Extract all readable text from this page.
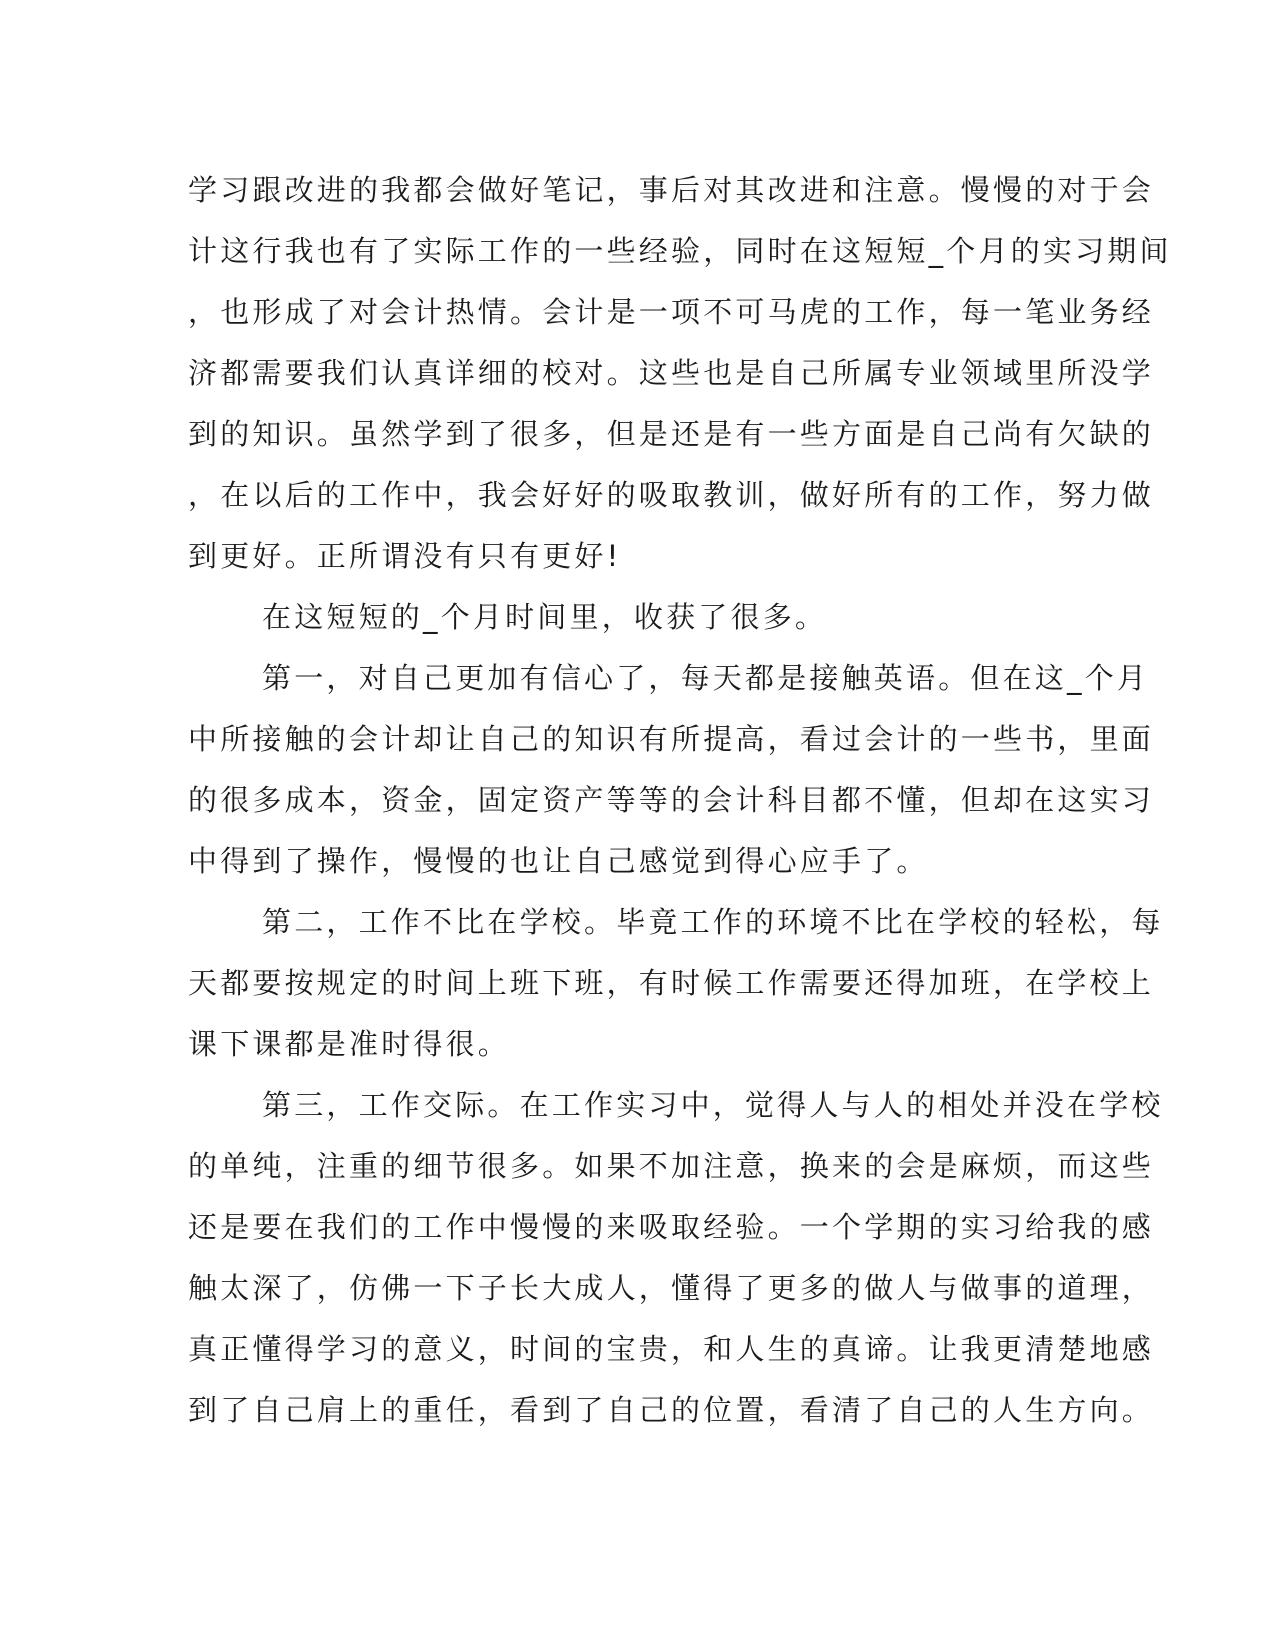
学习跟改进的我都会做好笔记，事后对其改进和注意。慢慢的对于会
计这行我也有了实际工作的一些经验，同时在这短短_个月的实习期间
，也形成了对会计热情。会计是一项不可马虎的工作，每一笔业务经
济都需要我们认真详细的校对。这些也是自己所属专业领域里所没学
到的知识。虽然学到了很多，但是还是有一些方面是自己尚有欠缺的
，在以后的工作中，我会好好的吸取教训，做好所有的工作，努力做
到更好。正所谓没有只有更好!
在这短短的_个月时间里，收获了很多。
第一，对自己更加有信心了，每天都是接触英语。但在这_个月
中所接触的会计却让自己的知识有所提高，看过会计的一些书，里面
的很多成本，资金，固定资产等等的会计科目都不懂，但却在这实习
中得到了操作，慢慢的也让自己感觉到得心应手了。
第二，工作不比在学校。毕竟工作的环境不比在学校的轻松，每
天都要按规定的时间上班下班，有时候工作需要还得加班，在学校上
课下课都是准时得很。
第三，工作交际。在工作实习中，觉得人与人的相处并没在学校
的单纯，注重的细节很多。如果不加注意，换来的会是麻烦，而这些
还是要在我们的工作中慢慢的来吸取经验。一个学期的实习给我的感
触太深了，仿佛一下子长大成人，懂得了更多的做人与做事的道理，
真正懂得学习的意义，时间的宝贵，和人生的真谛。让我更清楚地感
到了自己肩上的重任，看到了自己的位置，看清了自己的人生方向。
